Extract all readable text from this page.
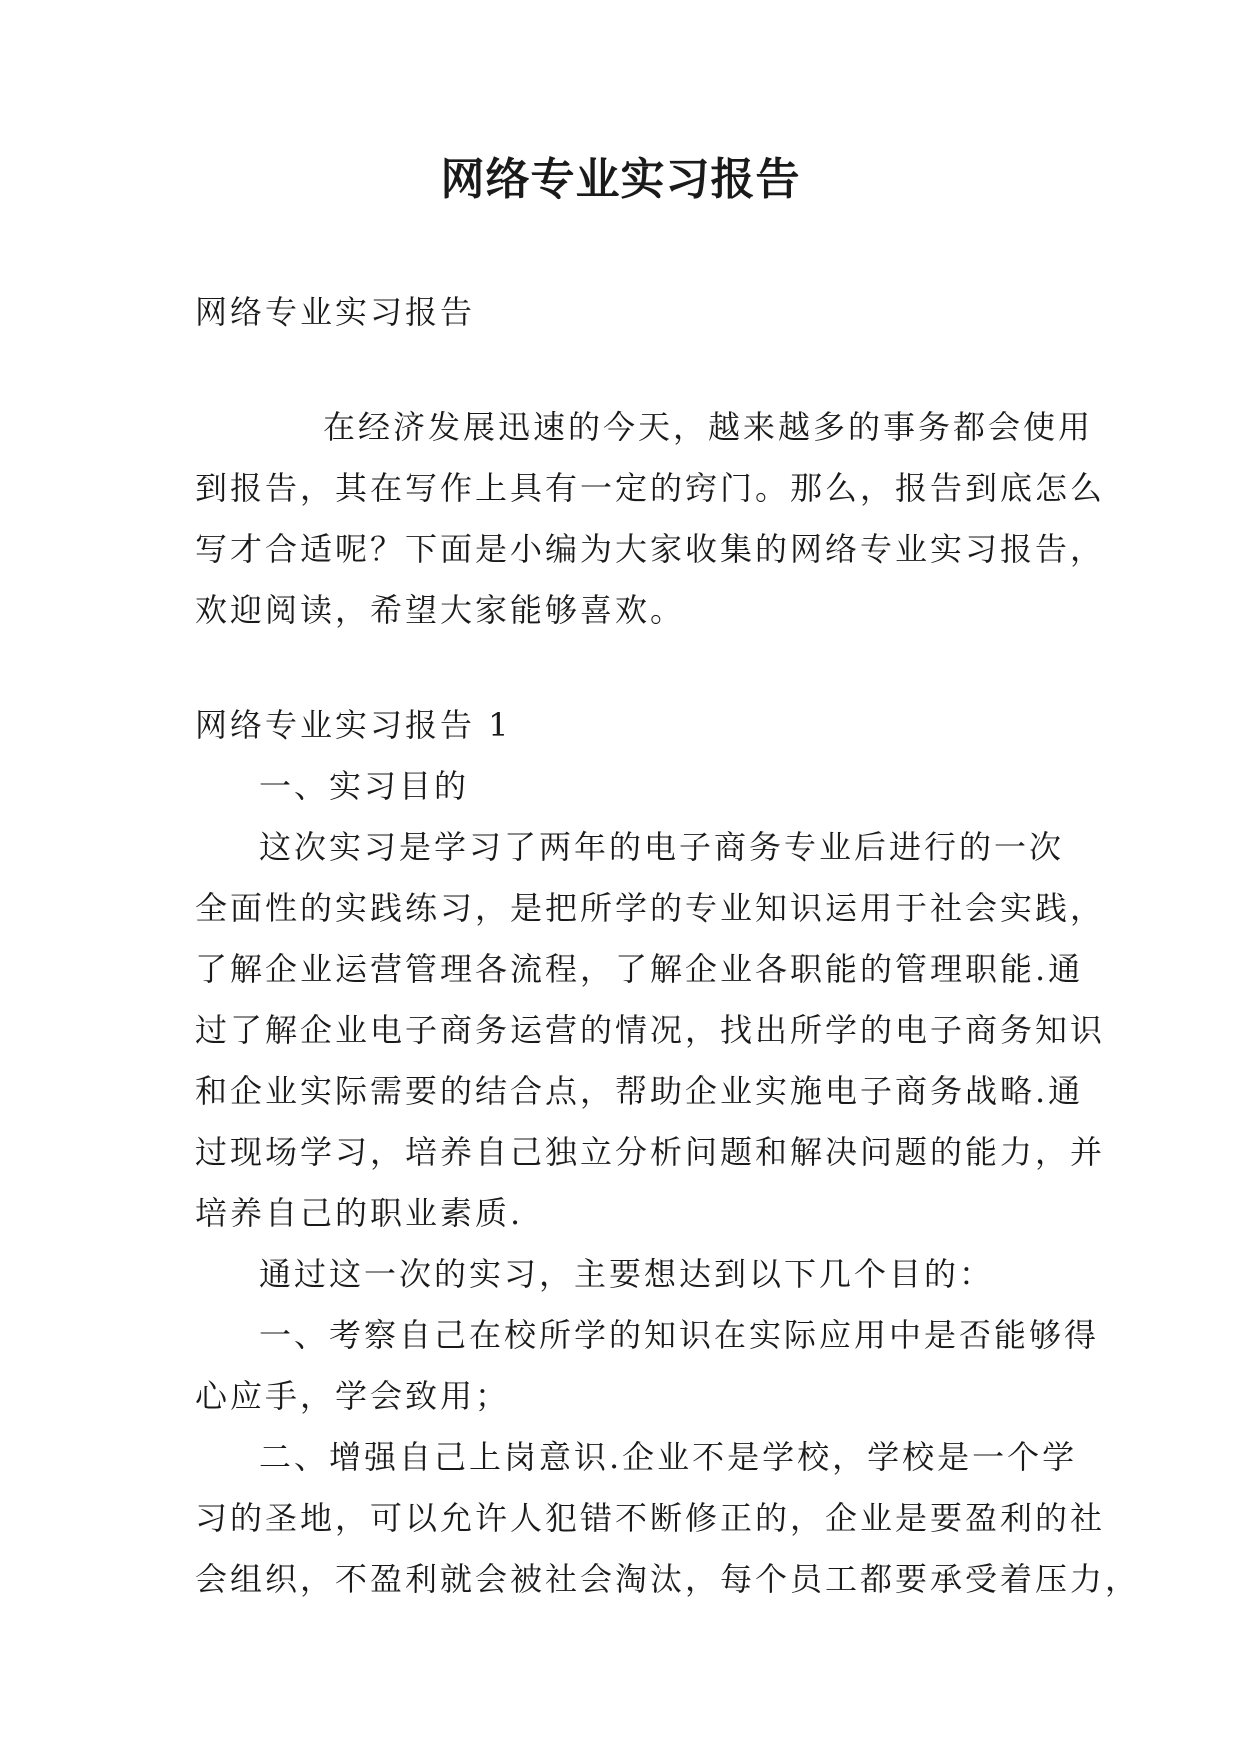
网络专业实习报告
网络专业实习报告
在经济发展迅速的今天，越来越多的事务都会使用
到报告，其在写作上具有一定的窍门。那么，报告到底怎么
写才合适呢？下面是小编为大家收集的网络专业实习报告，
欢迎阅读，希望大家能够喜欢。
网络专业实习报告 1
一、实习目的
这次实习是学习了两年的电子商务专业后进行的一次
全面性的实践练习，是把所学的专业知识运用于社会实践，
了解企业运营管理各流程，了解企业各职能的管理职能.通
过了解企业电子商务运营的情况，找出所学的电子商务知识
和企业实际需要的结合点，帮助企业实施电子商务战略.通
过现场学习，培养自己独立分析问题和解决问题的能力，并
培养自己的职业素质.
通过这一次的实习，主要想达到以下几个目的：
一、考察自己在校所学的知识在实际应用中是否能够得
心应手，学会致用；
二、增强自己上岗意识.企业不是学校，学校是一个学
习的圣地，可以允许人犯错不断修正的，企业是要盈利的社
会组织，不盈利就会被社会淘汰，每个员工都要承受着压力，
